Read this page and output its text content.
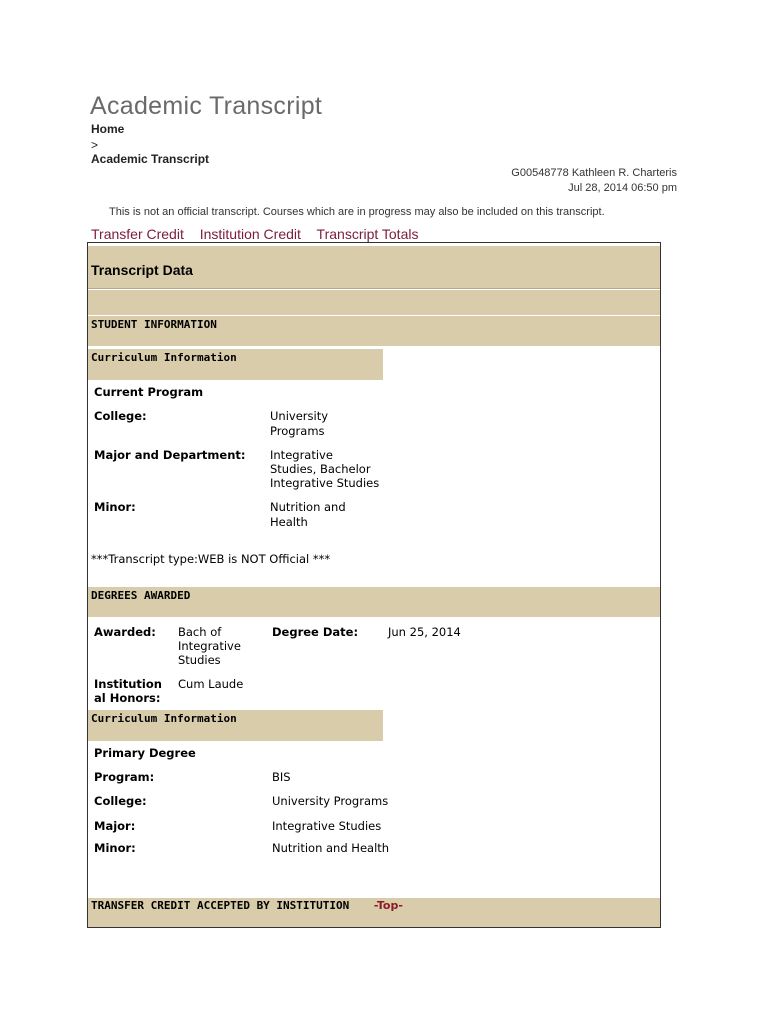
Academic Transcript
Home
>
Academic Transcript
G00548778 Kathleen R. Charteris
Jul 28, 2014 06:50 pm
This is not an official transcript. Courses which are in progress may also be included on this transcript.
Transfer Credit Institution Credit Transcript Totals
Transcript Data
STUDENT INFORMATION
Curriculum Information
Current Program
College:	University
Programs
Major and Department: Integrative
Studies, Bachelor
Integrative Studies
Minor:	Nutrition and
Health
***Transcript type:WEB is NOT Official ***
DEGREES AWARDED
Awarded: Bach of
Integrative
Studies
Degree Date:	Jun 25, 2014
Institution
al Honors:
Cum Laude
Curriculum Information
Primary Degree
Program:	BIS
College:	University Programs
Major:	Integrative Studies
Minor:	Nutrition and Health
TRANSFER CREDIT ACCEPTED BY INSTITUTION -Top-
